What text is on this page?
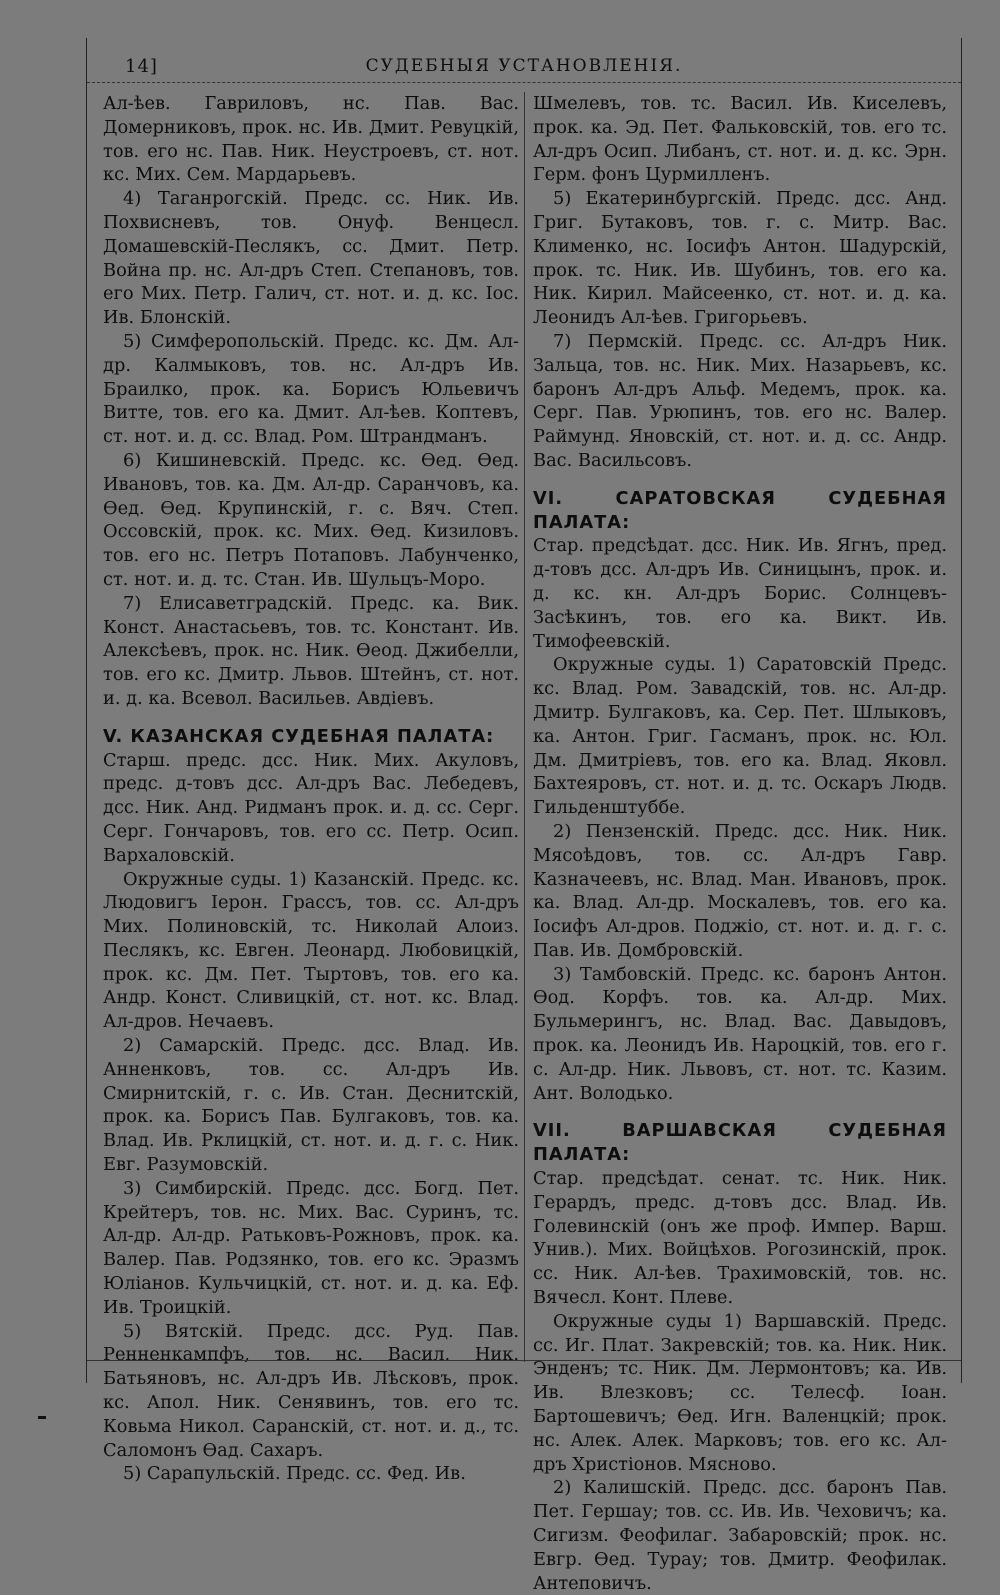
14]	СУДЕБНЫЯ УСТАНОВЛЕНІЯ.

Ал-ѣев. Гавриловъ, нс. Пав. Вас. Домерниковъ, прок. нс. Ив. Дмит. Ревуцкій, тов. его нс. Пав. Ник. Неустроевъ, ст. нот. кс. Мих. Сем. Мардарьевъ.

4) Таганрогскій. Предс. сс. Ник. Ив. Похвисневъ, тов. Онуф. Венцесл. Домашевскій-Песлякъ, сс. Дмит. Петр. Война пр. нс. Ал-дръ Степ. Степановъ, тов. его Мих. Петр. Галич, ст. нот. и. д. кс. Іос. Ив. Блонскій.

5) Симферопольскій. Предс. кс. Дм. Ал-др. Калмыковъ, тов. нс. Ал-дръ Ив. Браилко, прок. ка. Борисъ Юльевичъ Витте, тов. его ка. Дмит. Ал-ѣев. Коптевъ, ст. нот. и. д. сс. Влад. Ром. Штрандманъ.

6) Кишиневскій. Предс. кс. Ѳед. Ѳед. Ивановъ, тов. ка. Дм. Ал-др. Саранчовъ, ка. Ѳед. Ѳед. Крупинскій, г. с. Вяч. Степ. Оссовскій, прок. кс. Мих. Ѳед. Кизиловъ. тов. его нс. Петръ Потаповъ. Лабунченко, ст. нот. и. д. тс. Стан. Ив. Шульцъ-Моро.

7) Елисаветградскій. Предс. ка. Вик. Конст. Анастасьевъ, тов. тс. Констант. Ив. Алексѣевъ, прок. нс. Ник. Ѳеод. Джибелли, тов. его кс. Дмитр. Львов. Штейнъ, ст. нот. и. д. ка. Всевол. Васильев. Авдіевъ.

V. КАЗАНСКАЯ СУДЕБНАЯ ПАЛАТА:

Старш. предс. дсс. Ник. Мих. Акуловъ, предс. д-товъ дсс. Ал-дръ Вас. Лебедевъ, дсс. Ник. Анд. Ридманъ прок. и. д. сс. Серг. Серг. Гончаровъ, тов. его сс. Петр. Осип. Вархаловскій.

Окружные суды. 1) Казанскій. Предс. кс. Людовигъ Іерон. Грассъ, тов. сс. Ал-дръ Мих. Полиновскій, тс. Николай Алоиз. Песлякъ, кс. Евген. Леонард. Любовицкій, прок. кс. Дм. Пет. Тыртовъ, тов. его ка. Андр. Конст. Сливицкій, ст. нот. кс. Влад. Ал-дров. Нечаевъ.

2) Самарскій. Предс. дсс. Влад. Ив. Анненковъ, тов. сс. Ал-дръ Ив. Смирнитскій, г. с. Ив. Стан. Деснитскій, прок. ка. Борисъ Пав. Булгаковъ, тов. ка. Влад. Ив. Рклицкій, ст. нот. и. д. г. с. Ник. Евг. Разумовскій.

3) Симбирскій. Предс. дсс. Богд. Пет. Крейтеръ, тов. нс. Мих. Вас. Суринъ, тс. Ал-др. Ал-др. Ратьковъ-Рожновъ, прок. ка. Валер. Пав. Родзянко, тов. его кс. Эразмъ Юліанов. Кульчицкій, ст. нот. и. д. ка. Еф. Ив. Троицкій.

5) Вятскій. Предс. дсс. Руд. Пав. Ренненкампфъ, тов. нс. Васил. Ник. Батьяновъ, нс. Ал-дръ Ив. Лѣсковъ, прок. кс. Апол. Ник. Сенявинъ, тов. его тс. Ковьма Никол. Саранскій, ст. нот. и. д., тс. Саломонъ Ѳад. Сахаръ.

5) Сарапульскій. Предс. сс. Фед. Ив.

Шмелевъ, тов. тс. Васил. Ив. Киселевъ, прок. ка. Эд. Пет. Фальковскій, тов. его тс. Ал-дръ Осип. Либанъ, ст. нот. и. д. кс. Эрн. Герм. фонъ Цурмилленъ.

5) Екатеринбургскій. Предс. дсс. Анд. Григ. Бутаковъ, тов. г. с. Митр. Вас. Клименко, нс. Іосифъ Антон. Шадурскій, прок. тс. Ник. Ив. Шубинъ, тов. его ка. Ник. Кирил. Майсеенко, ст. нот. и. д. ка. Леонидъ Ал-ѣев. Григорьевъ.

7) Пермскій. Предс. сс. Ал-дръ Ник. Зальца, тов. нс. Ник. Мих. Назарьевъ, кс. баронъ Ал-дръ Альф. Медемъ, прок. ка. Серг. Пав. Урюпинъ, тов. его нс. Валер. Раймунд. Яновскій, ст. нот. и. д. сс. Андр. Вас. Васильсовъ.

VI. САРАТОВСКАЯ СУДЕБНАЯ ПАЛАТА:

Стар. предсѣдат. дсс. Ник. Ив. Ягнъ, пред. д-товъ дсс. Ал-дръ Ив. Синицынъ, прок. и. д. кс. кн. Ал-дръ Борис. Солнцевъ-Засѣкинъ, тов. его ка. Викт. Ив. Тимофеевскій.

Окружные суды. 1) Саратовскій Предс. кс. Влад. Ром. Завадскій, тов. нс. Ал-др. Дмитр. Булгаковъ, ка. Сер. Пет. Шлыковъ, ка. Антон. Григ. Гасманъ, прок. нс. Юл. Дм. Дмитріевъ, тов. его ка. Влад. Яковл. Бахтеяровъ, ст. нот. и. д. тс. Оскаръ Людв. Гильденштуббе.

2) Пензенскій. Предс. дсс. Ник. Ник. Мясоѣдовъ, тов. сс. Ал-дръ Гавр. Казначеевъ, нс. Влад. Ман. Ивановъ, прок. ка. Влад. Ал-др. Москалевъ, тов. его ка. Іосифъ Ал-дров. Поджіо, ст. нот. и. д. г. с. Пав. Ив. Домбровскій.

3) Тамбовскій. Предс. кс. баронъ Антон. Ѳод. Корфъ. тов. ка. Ал-др. Мих. Бульмерингъ, нс. Влад. Вас. Давыдовъ, прок. ка. Леонидъ Ив. Нароцкій, тов. его г. с. Ал-др. Ник. Львовъ, ст. нот. тс. Казим. Ант. Володько.

VII. ВАРШАВСКАЯ СУДЕБНАЯ ПАЛАТА:

Стар. предсѣдат. сенат. тс. Ник. Ник. Герардъ, предс. д-товъ дсс. Влад. Ив. Голевинскій (онъ же проф. Импер. Варш. Унив.). Мих. Войцѣхов. Рогозинскій, прок. сс. Ник. Ал-ѣев. Трахимовскій, тов. нс. Вячесл. Конт. Плеве.

Окружные суды 1) Варшавскій. Предс. сс. Иг. Плат. Закревскій; тов. ка. Ник. Ник. Энденъ; тс. Ник. Дм. Лермонтовъ; ка. Ив. Ив. Влезковъ; сс. Телесф. Іоан. Бартошевичъ; Ѳед. Игн. Валенцкій; прок. нс. Алек. Алек. Марковъ; тов. его кс. Ал-дръ Христіонов. Мясново.

2) Калишскій. Предс. дсс. баронъ Пав. Пет. Гершау; тов. сс. Ив. Ив. Чеховичъ; ка. Сигизм. Феофилаг. Забаровскій; прок. нс. Евгр. Ѳед. Турау; тов. Дмитр. Феофилак. Антеповичъ.
